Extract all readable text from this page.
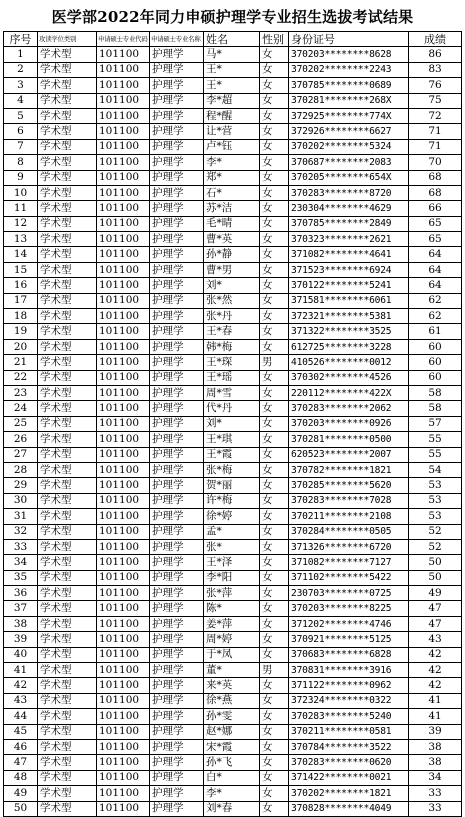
医学部2022年同力申硕护理学专业招生选拔考试结果
序号	攻读学位类别	申请硕士专业代码	申请硕士专业名称	姓名	性别	身份证号	成绩
1	学术型	101100	护理学	马*	女	370203********8628	86
2	学术型	101100	护理学	王*	女	370202********2243	83
3	学术型	101100	护理学	王*	女	370785********0689	76
4	学术型	101100	护理学	李*超	女	370281********268X	75
5	学术型	101100	护理学	程*醒	女	372925********774X	72
6	学术型	101100	护理学	让*营	女	372926********6627	71
7	学术型	101100	护理学	卢*钰	女	370202********5324	71
8	学术型	101100	护理学	李*	女	370687********2083	70
9	学术型	101100	护理学	郑*	女	370205********654X	68
10	学术型	101100	护理学	石*	女	370283********8720	68
11	学术型	101100	护理学	苏*洁	女	230304********4629	66
12	学术型	101100	护理学	毛*晴	女	370785********2849	65
13	学术型	101100	护理学	曹*英	女	370323********2621	65
14	学术型	101100	护理学	孙*静	女	371082********4641	64
15	学术型	101100	护理学	曹*男	女	371523********6924	64
16	学术型	101100	护理学	刘*	女	370122********5241	64
17	学术型	101100	护理学	张*然	女	371581********6061	62
18	学术型	101100	护理学	张*丹	女	372321********5381	62
19	学术型	101100	护理学	王*春	女	371322********3525	61
20	学术型	101100	护理学	韩*梅	女	612725********3228	60
21	学术型	101100	护理学	王*琛	男	410526********0012	60
22	学术型	101100	护理学	王*瑶	女	370302********4526	60
23	学术型	101100	护理学	周*雪	女	220112********422X	58
24	学术型	101100	护理学	代*丹	女	370283********2062	58
25	学术型	101100	护理学	刘*	女	370203********0926	57
26	学术型	101100	护理学	王*琪	女	370281********0500	55
27	学术型	101100	护理学	王*霞	女	620523********2007	55
28	学术型	101100	护理学	张*梅	女	370782********1821	54
29	学术型	101100	护理学	贺*丽	女	370285********5620	53
30	学术型	101100	护理学	许*梅	女	370283********7028	53
31	学术型	101100	护理学	徐*婷	女	370211********2108	53
32	学术型	101100	护理学	孟*	女	370284********0505	52
33	学术型	101100	护理学	张*	女	371326********6720	52
34	学术型	101100	护理学	王*泽	女	371082********7127	50
35	学术型	101100	护理学	李*阳	女	371102********5422	50
36	学术型	101100	护理学	张*萍	女	230703********0725	49
37	学术型	101100	护理学	陈*	女	370203********8225	47
38	学术型	101100	护理学	姜*萍	女	371202********4746	47
39	学术型	101100	护理学	周*婷	女	370921********5125	43
40	学术型	101100	护理学	于*凤	女	370683********6828	42
41	学术型	101100	护理学	董*	男	370831********3916	42
42	学术型	101100	护理学	来*英	女	371122********0962	42
43	学术型	101100	护理学	徐*燕	女	372324********0322	41
44	学术型	101100	护理学	孙*雯	女	370283********5240	41
45	学术型	101100	护理学	赵*娜	女	370211********0581	39
46	学术型	101100	护理学	宋*霞	女	370784********3522	38
47	学术型	101100	护理学	孙*飞	女	370283********0620	38
48	学术型	101100	护理学	白*	女	371422********0021	34
49	学术型	101100	护理学	李*	女	370202********1821	33
50	学术型	101100	护理学	刘*春	女	370828********4049	33
